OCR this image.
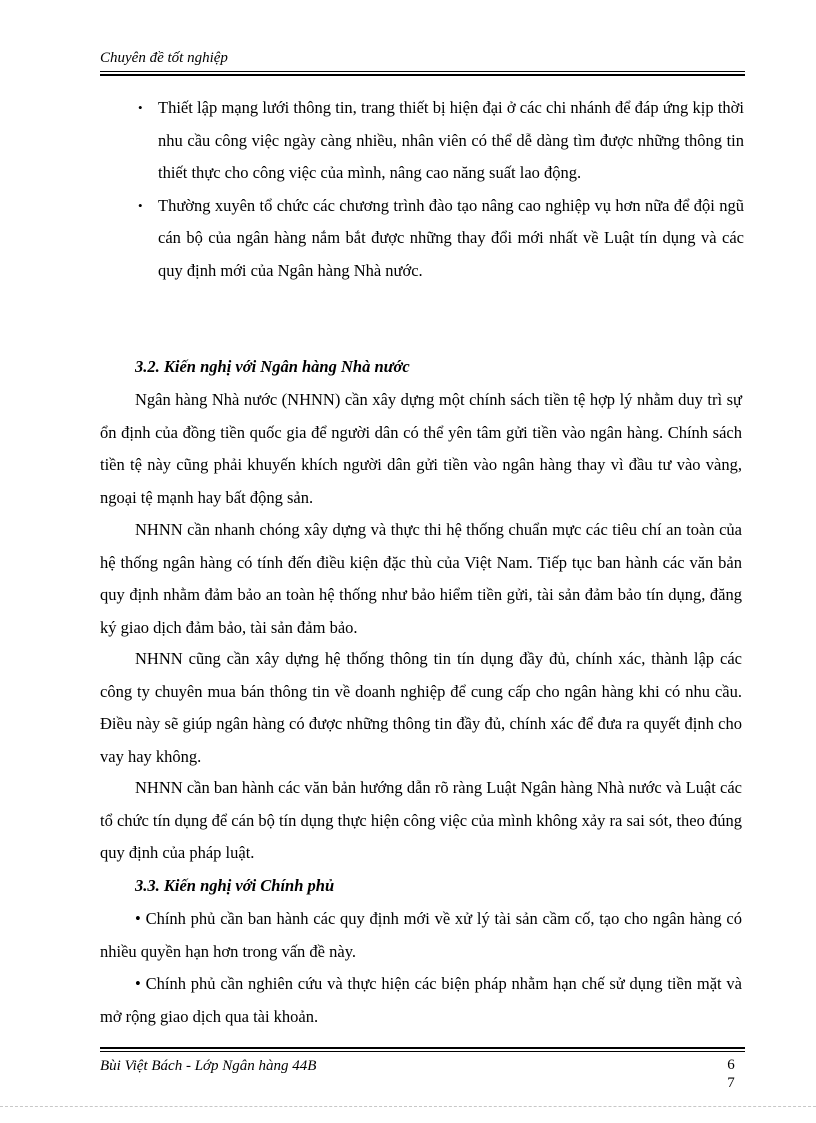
Chuyên đề tốt nghiệp
• Thiết lập mạng lưới thông tin, trang thiết bị hiện đại ở các chi nhánh để đáp ứng kịp thời nhu cầu công việc ngày càng nhiều, nhân viên có thể dễ dàng tìm được những thông tin thiết thực cho công việc của mình, nâng cao năng suất lao động.
• Thường xuyên tổ chức các chương trình đào tạo nâng cao nghiệp vụ hơn nữa để đội ngũ cán bộ của ngân hàng nắm bắt được những thay đổi mới nhất về Luật tín dụng và các quy định mới của Ngân hàng Nhà nước.
3.2. Kiến nghị với Ngân hàng Nhà nước
Ngân hàng Nhà nước (NHNN) cần xây dựng một chính sách tiền tệ hợp lý nhằm duy trì sự ổn định của đồng tiền quốc gia để người dân có thể yên tâm gửi tiền vào ngân hàng. Chính sách tiền tệ này cũng phải khuyến khích người dân gửi tiền vào ngân hàng thay vì đầu tư vào vàng, ngoại tệ mạnh hay bất động sản.
NHNN cần nhanh chóng xây dựng và thực thi hệ thống chuẩn mực các tiêu chí an toàn của hệ thống ngân hàng có tính đến điều kiện đặc thù của Việt Nam. Tiếp tục ban hành các văn bản quy định nhằm đảm bảo an toàn hệ thống như bảo hiểm tiền gửi, tài sản đảm bảo tín dụng, đăng ký giao dịch đảm bảo, tài sản đảm bảo.
NHNN cũng cần xây dựng hệ thống thông tin tín dụng đầy đủ, chính xác, thành lập các công ty chuyên mua bán thông tin về doanh nghiệp để cung cấp cho ngân hàng khi có nhu cầu. Điều này sẽ giúp ngân hàng có được những thông tin đầy đủ, chính xác để đưa ra quyết định cho vay hay không.
NHNN cần ban hành các văn bản hướng dẫn rõ ràng Luật Ngân hàng Nhà nước và Luật các tổ chức tín dụng để cán bộ tín dụng thực hiện công việc của mình không xảy ra sai sót, theo đúng quy định của pháp luật.
3.3. Kiến nghị với Chính phủ
• Chính phủ cần ban hành các quy định mới về xử lý tài sản cầm cố, tạo cho ngân hàng có nhiều quyền hạn hơn trong vấn đề này.
• Chính phủ cần nghiên cứu và thực hiện các biện pháp nhằm hạn chế sử dụng tiền mặt và mở rộng giao dịch qua tài khoản.
Bùi Việt Bách - Lớp Ngân hàng 44B	67
